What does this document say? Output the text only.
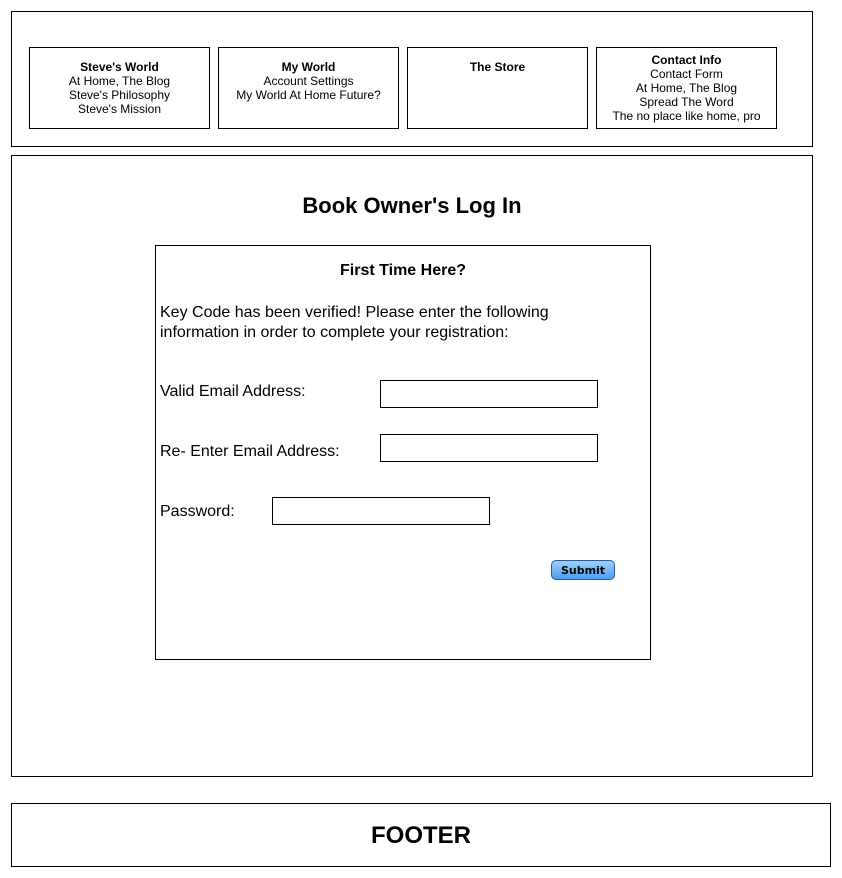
Steve's World
At Home, The Blog
Steve's Philosophy
Steve's Mission
My World
Account Settings
My World At Home Future?
The Store	Contact Info
Contact Form
At Home, The Blog
Spread The Word
The no place like home, pro
Book Owner's Log In
First Time Here?

Key Code has been verified! Please enter the following information in order to complete your registration:

Valid Email Address:
Re- Enter Email Address:
Password:
Submit

FOOTER
